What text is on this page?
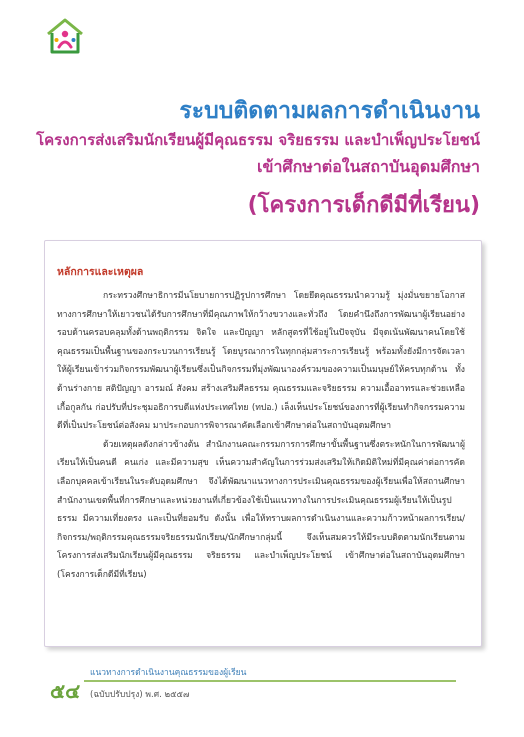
ระบบติดตามผลการดำเนินงาน
โครงการส่งเสริมนักเรียนผู้มีคุณธรรม จริยธรรม และบำเพ็ญประโยชน์
เข้าศึกษาต่อในสถาบันอุดมศึกษา
(โครงการเด็กดีมีที่เรียน)
หลักการและเหตุผล

กระทรวงศึกษาธิการมีนโยบายการปฏิรูปการศึกษา โดยยึดคุณธรรมนำความรู้ มุ่งมั่นขยายโอกาสทางการศึกษาให้เยาวชนได้รับการศึกษาที่มีคุณภาพให้กว้างขวางและทั่วถึง โดยคำนึงถึงการพัฒนาผู้เรียนอย่างรอบด้านครอบคลุมทั้งด้านพฤติกรรม จิตใจ และปัญญา หลักสูตรที่ใช้อยู่ในปัจจุบัน มีจุดเน้นพัฒนาคนโดยใช้คุณธรรมเป็นพื้นฐานของกระบวนการเรียนรู้ โดยบูรณาการในทุกกลุ่มสาระการเรียนรู้ พร้อมทั้งยังมีการจัดเวลาให้ผู้เรียนเข้าร่วมกิจกรรมพัฒนาผู้เรียนซึ่งเป็นกิจกรรมที่มุ่งพัฒนาองค์รวมของความเป็นมนุษย์ให้ครบทุกด้าน ทั้งด้านร่างกาย สติปัญญา อารมณ์ สังคม สร้างเสริมศีลธรรม คุณธรรมและจริยธรรม ความเอื้ออาทรและช่วยเหลือเกื้อกูลกัน ก่อปรับที่ประชุมอธิการบดีแห่งประเทศไทย (ทปอ.) เล็งเห็นประโยชน์ของการที่ผู้เรียนทำกิจกรรมความดีที่เป็นประโยชน์ต่อสังคม มาประกอบการพิจารณาคัดเลือกเข้าศึกษาต่อในสถาบันอุดมศึกษา

ด้วยเหตุผลดังกล่าวข้างต้น สำนักงานคณะกรรมการการศึกษาขั้นพื้นฐานซึ่งตระหนักในการพัฒนาผู้เรียนให้เป็นคนดี คนเก่ง และมีความสุข เห็นความสำคัญในการร่วมส่งเสริมให้เกิดมิติใหม่ที่มีคุณค่าต่อการคัดเลือกบุคคลเข้าเรียนในระดับอุดมศึกษา จึงได้พัฒนาแนวทางการประเมินคุณธรรมของผู้เรียนเพื่อให้สถานศึกษา สำนักงานเขตพื้นที่การศึกษาและหน่วยงานที่เกี่ยวข้องใช้เป็นแนวทางในการประเมินคุณธรรมผู้เรียนให้เป็นรูปธรรม มีความเที่ยงตรง และเป็นที่ยอมรับ ดังนั้น เพื่อให้ทราบผลการดำเนินงานและความก้าวหน้าผลการเรียน/กิจกรรม/พฤติกรรมคุณธรรมจริยธรรมนักเรียน/นักศึกษากลุ่มนี้ จึงเห็นสมควรให้มีระบบติดตามนักเรียนตามโครงการส่งเสริมนักเรียนผู้มีคุณธรรม จริยธรรม และบำเพ็ญประโยชน์ เข้าศึกษาต่อในสถาบันอุดมศึกษา (โครงการเด็กดีมีที่เรียน)

๕๔
แนวทางการดำเนินงานคุณธรรมของผู้เรียน
(ฉบับปรับปรุง) พ.ศ. ๒๕๕๗
